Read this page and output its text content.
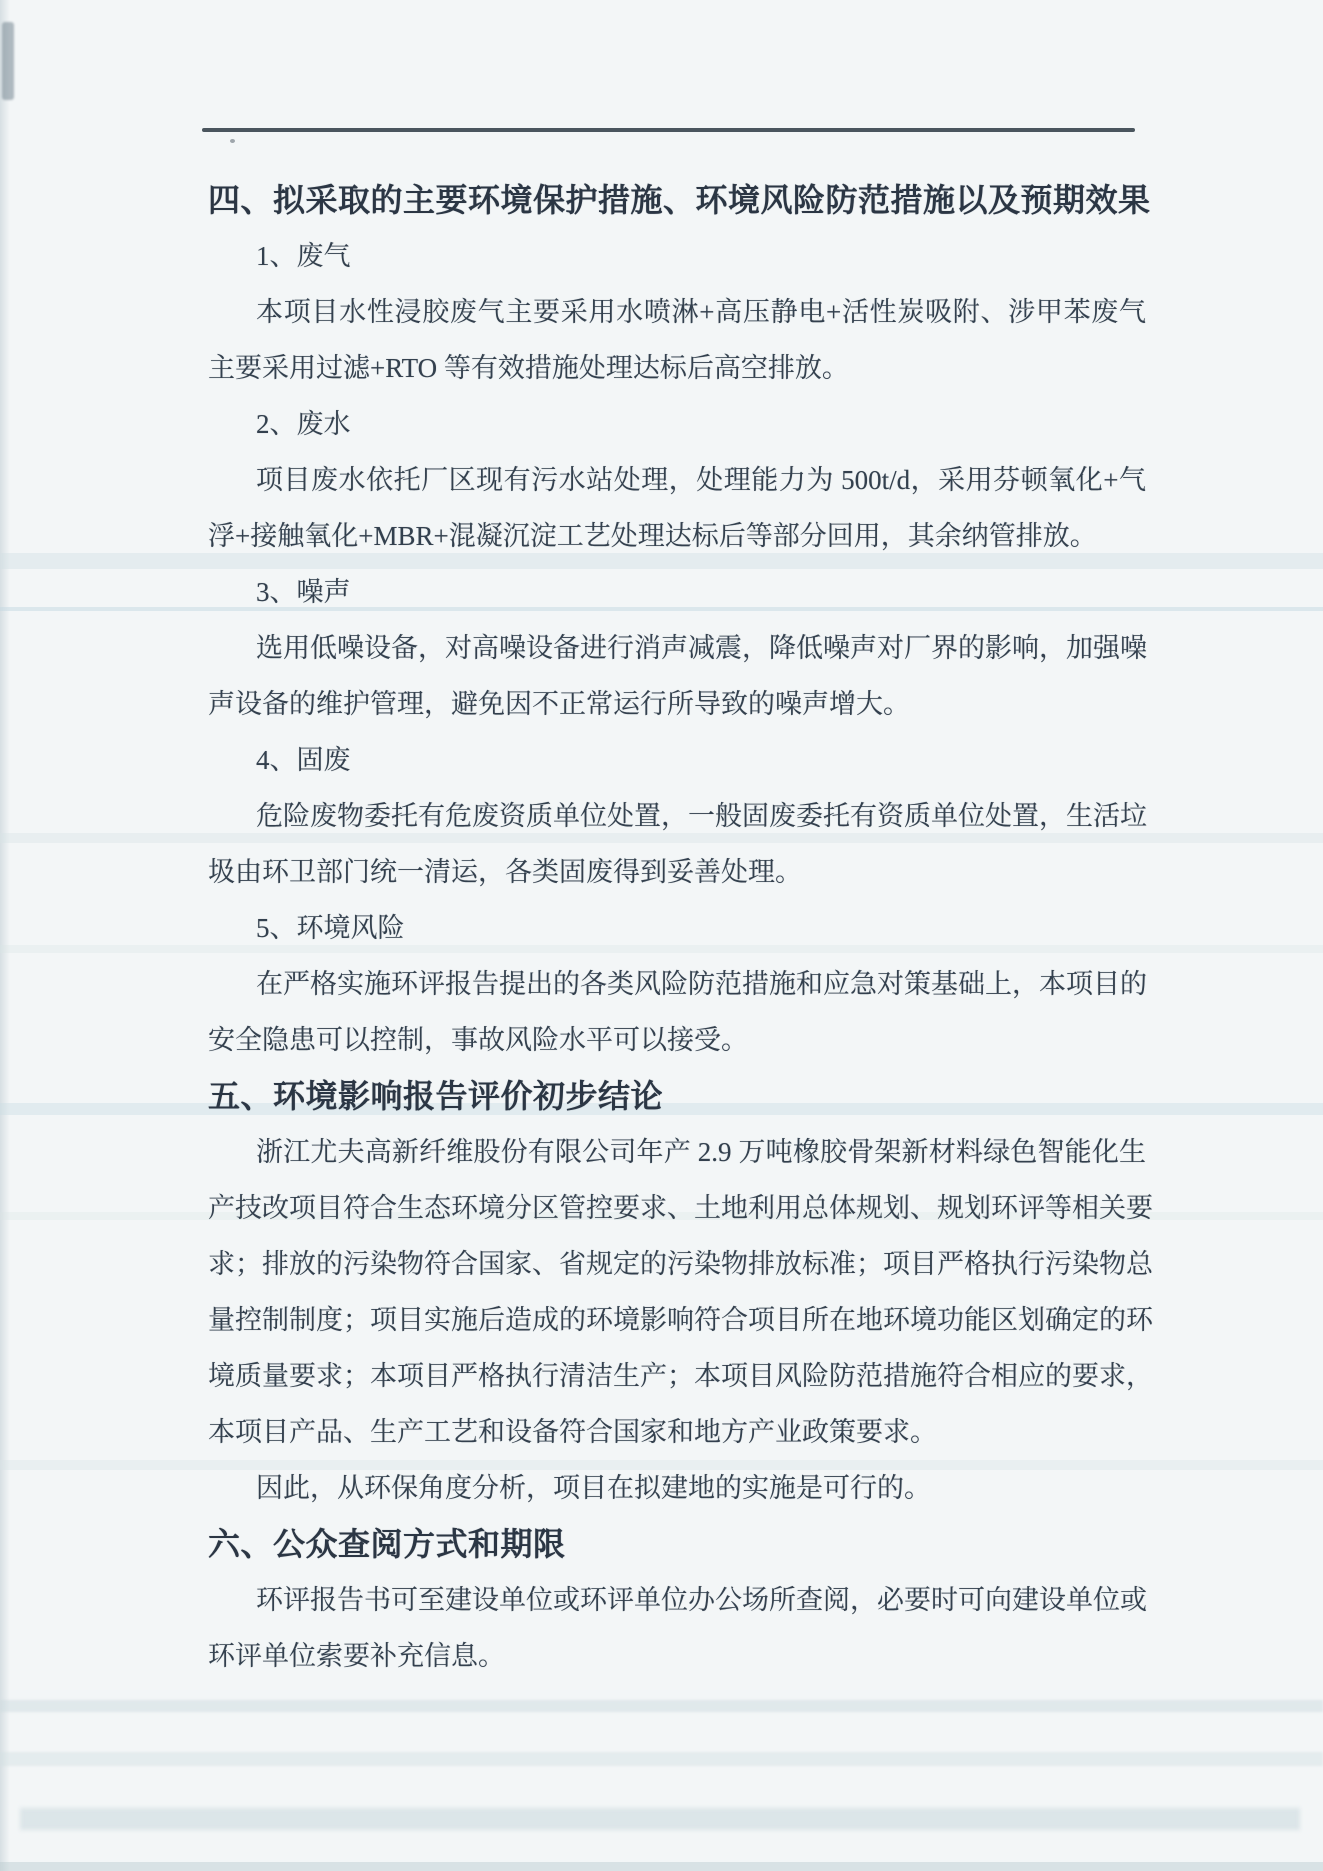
四、拟采取的主要环境保护措施、环境风险防范措施以及预期效果
1、废气
本项目水性浸胶废气主要采用水喷淋+高压静电+活性炭吸附、涉甲苯废气
主要采用过滤+RTO 等有效措施处理达标后高空排放。
2、废水
项目废水依托厂区现有污水站处理，处理能力为 500t/d，采用芬顿氧化+气
浮+接触氧化+MBR+混凝沉淀工艺处理达标后等部分回用，其余纳管排放。
3、噪声
选用低噪设备，对高噪设备进行消声减震，降低噪声对厂界的影响，加强噪
声设备的维护管理，避免因不正常运行所导致的噪声增大。
4、固废
危险废物委托有危废资质单位处置，一般固废委托有资质单位处置，生活垃
圾由环卫部门统一清运，各类固废得到妥善处理。
5、环境风险
在严格实施环评报告提出的各类风险防范措施和应急对策基础上，本项目的
安全隐患可以控制，事故风险水平可以接受。
五、环境影响报告评价初步结论
浙江尤夫高新纤维股份有限公司年产 2.9 万吨橡胶骨架新材料绿色智能化生
产技改项目符合生态环境分区管控要求、土地利用总体规划、规划环评等相关要
求；排放的污染物符合国家、省规定的污染物排放标准；项目严格执行污染物总
量控制制度；项目实施后造成的环境影响符合项目所在地环境功能区划确定的环
境质量要求；本项目严格执行清洁生产；本项目风险防范措施符合相应的要求，
本项目产品、生产工艺和设备符合国家和地方产业政策要求。
因此，从环保角度分析，项目在拟建地的实施是可行的。
六、公众查阅方式和期限
环评报告书可至建设单位或环评单位办公场所查阅，必要时可向建设单位或
环评单位索要补充信息。
